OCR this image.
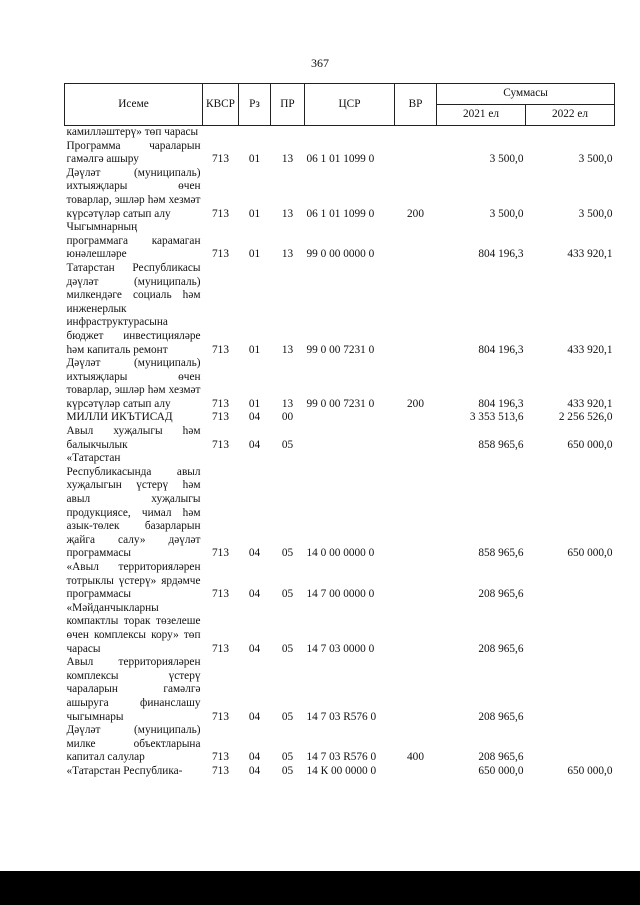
367
Исеме	КВСР	Рз	ПР	ЦСР	ВР	Суммасы	
						2021 ел	2022 ел
камилләштерү» төп чарасы							
Программа чараларын гамәлгә ашыру	713	01	13	06 1 01 1099 0		3 500,0	3 500,0
Дәүләт (муниципаль) ихтыяҗлары өчен товарлар, эшләр һәм хезмәт күрсәтүләр сатып алу	713	01	13	06 1 01 1099 0	200	3 500,0	3 500,0
Чыгымнарның программага карамаган юнәлешләре	713	01	13	99 0 00 0000 0		804 196,3	433 920,1
Татарстан Республикасы дәүләт (муниципаль) милкендәге социаль һәм инженерлык инфраструктурасына бюджет инвестицияләре һәм капиталь ремонт	713	01	13	99 0 00 7231 0		804 196,3	433 920,1
Дәүләт (муниципаль) ихтыяҗлары өчен товарлар, эшләр һәм хезмәт күрсәтүләр сатып алу	713	01	13	99 0 00 7231 0	200	804 196,3	433 920,1
МИЛЛИ ИКЪТИСАД	713	04	00			3 353 513,6	2 256 526,0
Авыл хуҗалыгы һәм балыкчылык	713	04	05			858 965,6	650 000,0
«Татарстан Республикасында авыл хуҗалыгын үстерү һәм авыл хуҗалыгы продукциясе, чимал һәм азык-төлек базарларын җайга салу» дәүләт программасы	713	04	05	14 0 00 0000 0		858 965,6	650 000,0
«Авыл территорияләрен тотрыклы үстерү» ярдәмче программасы	713	04	05	14 7 00 0000 0		208 965,6	
«Мәйданчыкларны компактлы торак төзелеше өчен комплексы кору» төп чарасы	713	04	05	14 7 03 0000 0		208 965,6	
Авыл территорияләрен комплексы үстерү чараларын гамәлгә ашыруга финанслашу чыгымнары	713	04	05	14 7 03 R576 0		208 965,6	
Дәүләт (муниципаль) милке объектларына капитал салулар	713	04	05	14 7 03 R576 0	400	208 965,6	
«Татарстан Республика-	713	04	05	14 К 00 0000 0		650 000,0	650 000,0
